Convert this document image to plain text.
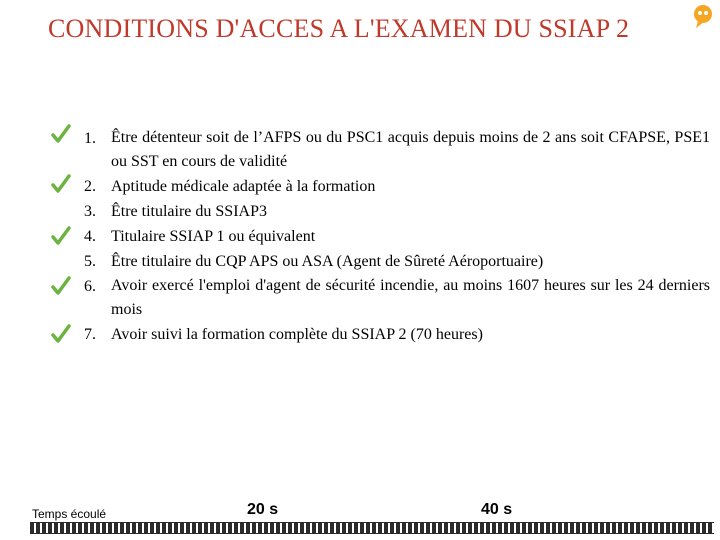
CONDITIONS D'ACCES A L'EXAMEN DU SSIAP 2
1. Être détenteur soit de l’AFPS ou du PSC1 acquis depuis moins de 2 ans soit CFAPSE, PSE1 ou SST en cours de validité
2. Aptitude médicale adaptée à la formation
3. Être titulaire du SSIAP3
4. Titulaire SSIAP 1 ou équivalent
5. Être titulaire du CQP APS ou ASA (Agent de Sûreté Aéroportuaire)
6. Avoir exercé l'emploi d'agent de sécurité incendie, au moins 1607 heures sur les 24 derniers mois
7. Avoir suivi la formation complète du SSIAP 2 (70 heures)
Temps écoulé	20 s	40 s
